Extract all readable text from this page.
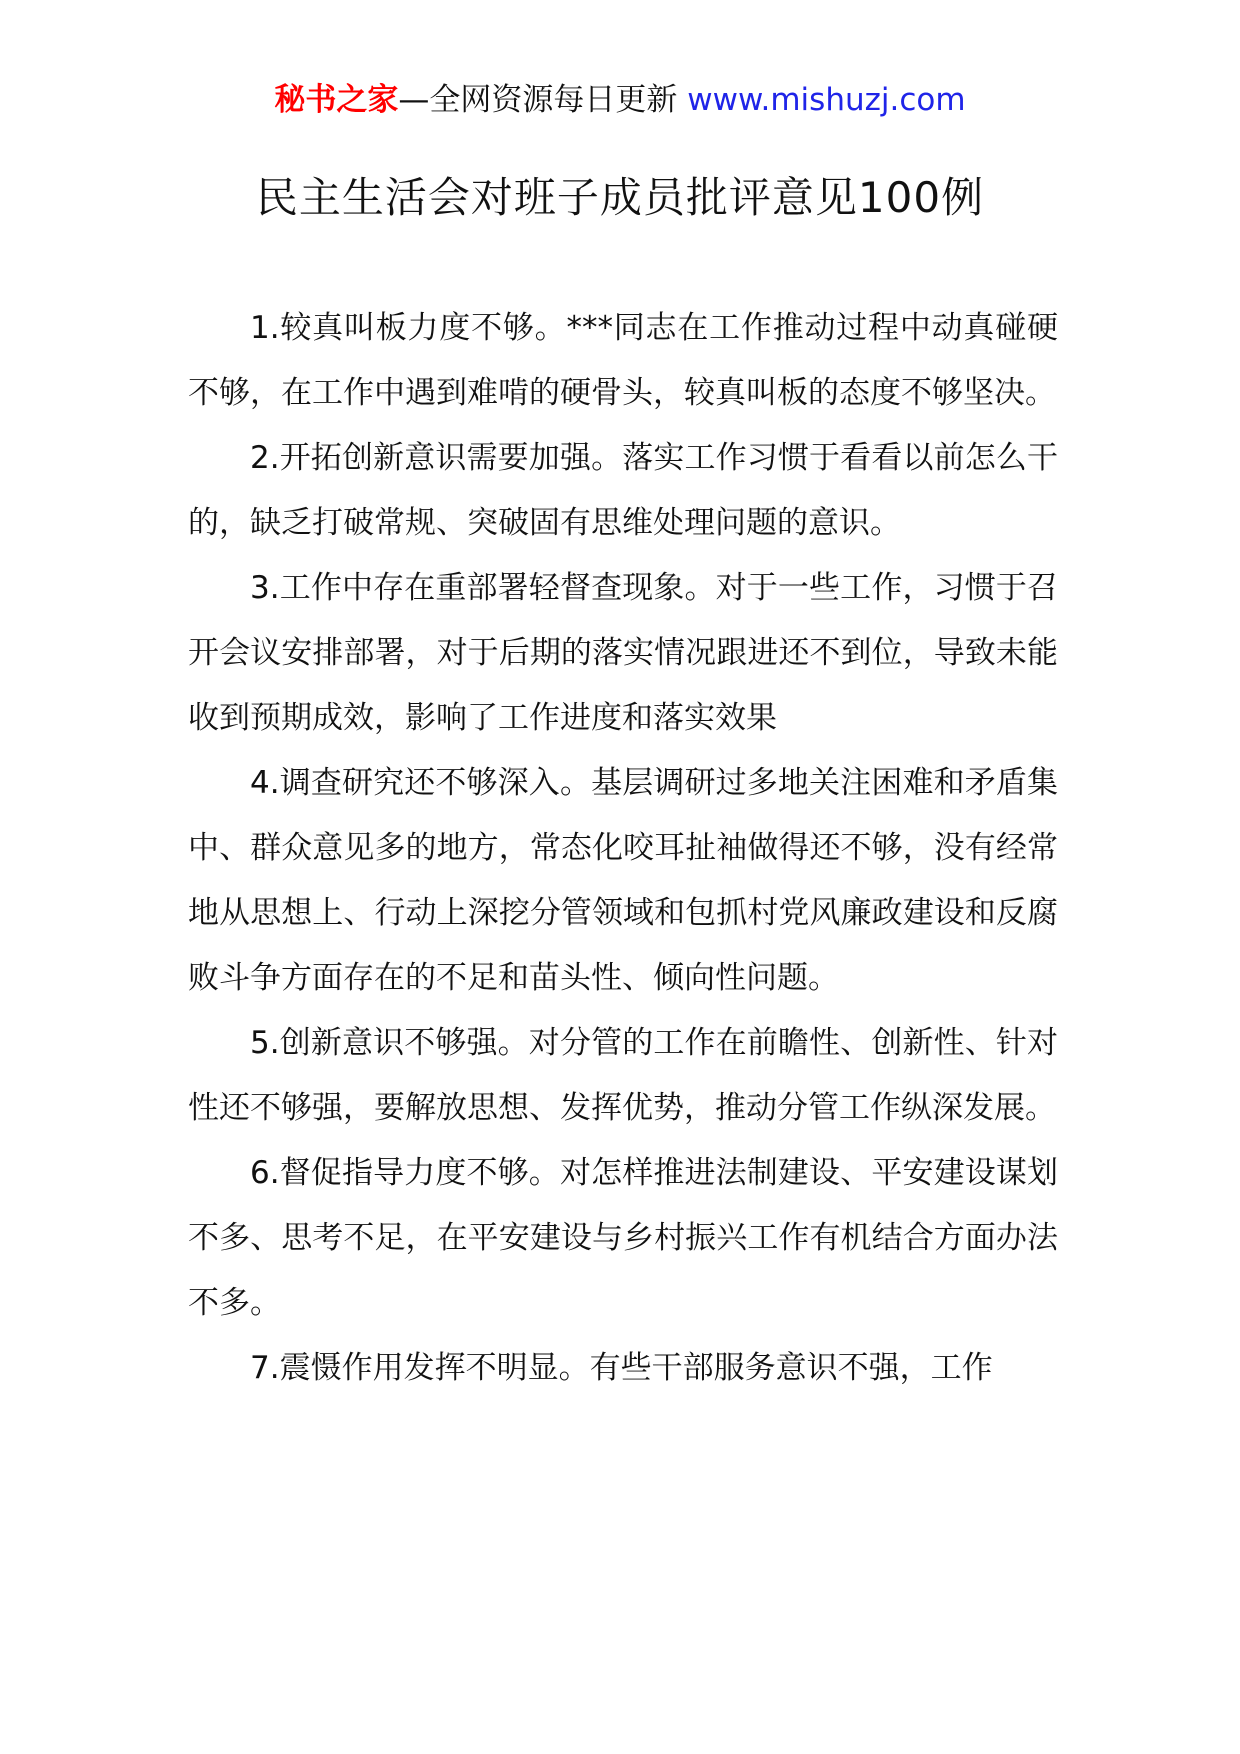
秘书之家—全网资源每日更新 www.mishuzj.com
民主生活会对班子成员批评意见100例

1.较真叫板力度不够。***同志在工作推动过程中动真碰硬不够，在工作中遇到难啃的硬骨头，较真叫板的态度不够坚决。

2.开拓创新意识需要加强。落实工作习惯于看看以前怎么干的，缺乏打破常规、突破固有思维处理问题的意识。

3.工作中存在重部署轻督查现象。对于一些工作，习惯于召开会议安排部署，对于后期的落实情况跟进还不到位，导致未能收到预期成效，影响了工作进度和落实效果

4.调查研究还不够深入。基层调研过多地关注困难和矛盾集中、群众意见多的地方，常态化咬耳扯袖做得还不够，没有经常地从思想上、行动上深挖分管领域和包抓村党风廉政建设和反腐败斗争方面存在的不足和苗头性、倾向性问题。

5.创新意识不够强。对分管的工作在前瞻性、创新性、针对性还不够强，要解放思想、发挥优势，推动分管工作纵深发展。

6.督促指导力度不够。对怎样推进法制建设、平安建设谋划不多、思考不足，在平安建设与乡村振兴工作有机结合方面办法不多。

7.震慑作用发挥不明显。有些干部服务意识不强，工作
